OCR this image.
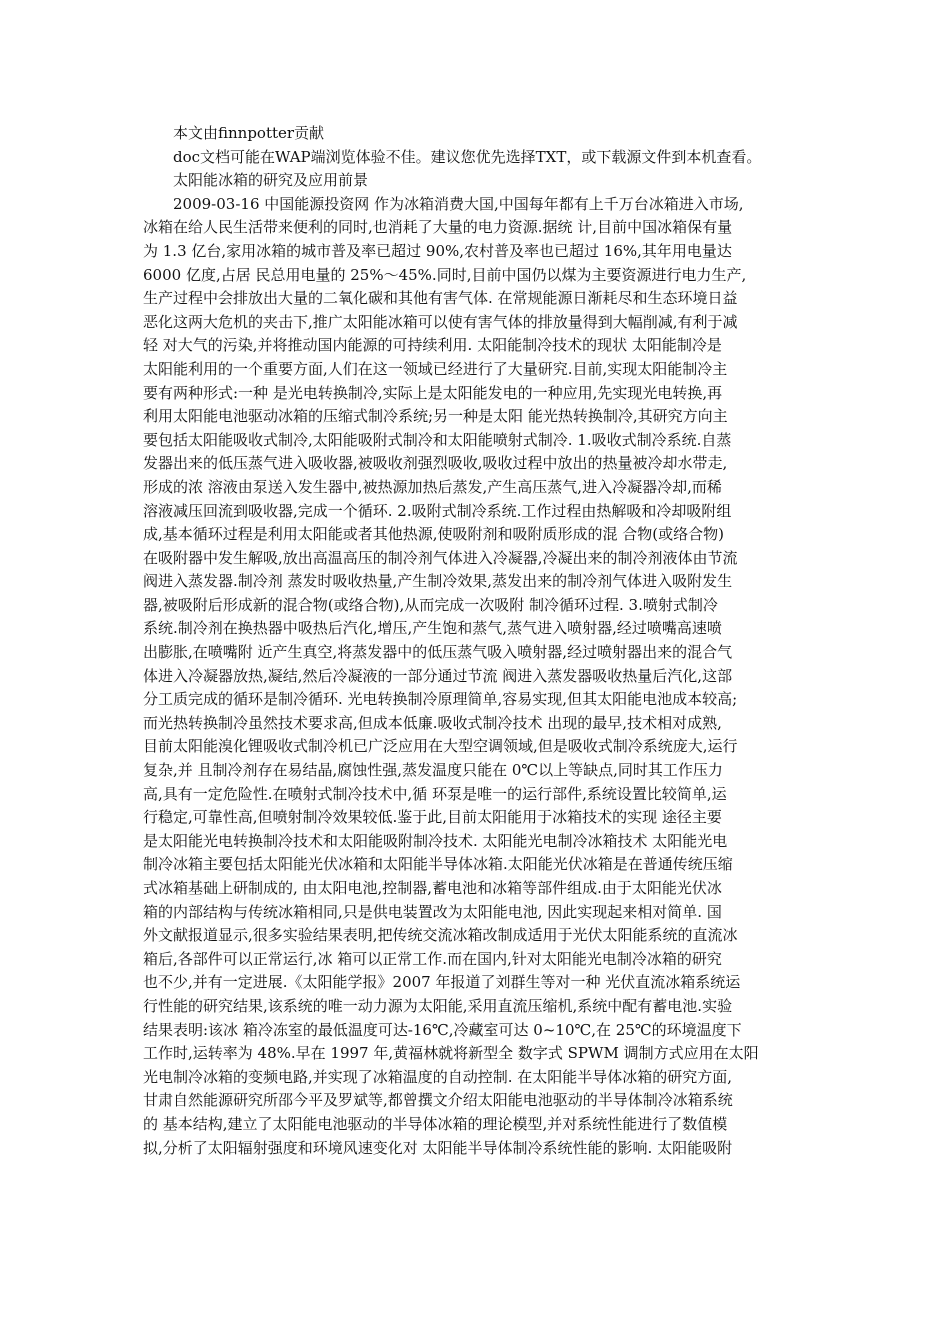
本文由finnpotter贡献
doc文档可能在WAP端浏览体验不佳。建议您优先选择TXT，或下载源文件到本机查看。
太阳能冰箱的研究及应用前景
2009-03-16 中国能源投资网 作为冰箱消费大国,中国每年都有上千万台冰箱进入市场,
冰箱在给人民生活带来便利的同时,也消耗了大量的电力资源.据统 计,目前中国冰箱保有量
为 1.3 亿台,家用冰箱的城市普及率已超过 90%,农村普及率也已超过 16%,其年用电量达
6000 亿度,占居 民总用电量的 25%～45%.同时,目前中国仍以煤为主要资源进行电力生产,
生产过程中会排放出大量的二氧化碳和其他有害气体. 在常规能源日渐耗尽和生态环境日益
恶化这两大危机的夹击下,推广太阳能冰箱可以使有害气体的排放量得到大幅削减,有利于减
轻 对大气的污染,并将推动国内能源的可持续利用. 太阳能制冷技术的现状 太阳能制冷是
太阳能利用的一个重要方面,人们在这一领域已经进行了大量研究.目前,实现太阳能制冷主
要有两种形式:一种 是光电转换制冷,实际上是太阳能发电的一种应用,先实现光电转换,再
利用太阳能电池驱动冰箱的压缩式制冷系统;另一种是太阳 能光热转换制冷,其研究方向主
要包括太阳能吸收式制冷,太阳能吸附式制冷和太阳能喷射式制冷. 1.吸收式制冷系统.自蒸
发器出来的低压蒸气进入吸收器,被吸收剂强烈吸收,吸收过程中放出的热量被冷却水带走,
形成的浓 溶液由泵送入发生器中,被热源加热后蒸发,产生高压蒸气,进入冷凝器冷却,而稀
溶液减压回流到吸收器,完成一个循环. 2.吸附式制冷系统.工作过程由热解吸和冷却吸附组
成,基本循环过程是利用太阳能或者其他热源,使吸附剂和吸附质形成的混 合物(或络合物)
在吸附器中发生解吸,放出高温高压的制冷剂气体进入冷凝器,冷凝出来的制冷剂液体由节流
阀进入蒸发器.制冷剂 蒸发时吸收热量,产生制冷效果,蒸发出来的制冷剂气体进入吸附发生
器,被吸附后形成新的混合物(或络合物),从而完成一次吸附 制冷循环过程. 3.喷射式制冷
系统.制冷剂在换热器中吸热后汽化,增压,产生饱和蒸气,蒸气进入喷射器,经过喷嘴高速喷
出膨胀,在喷嘴附 近产生真空,将蒸发器中的低压蒸气吸入喷射器,经过喷射器出来的混合气
体进入冷凝器放热,凝结,然后冷凝液的一部分通过节流 阀进入蒸发器吸收热量后汽化,这部
分工质完成的循环是制冷循环. 光电转换制冷原理简单,容易实现,但其太阳能电池成本较高;
而光热转换制冷虽然技术要求高,但成本低廉.吸收式制冷技术 出现的最早,技术相对成熟,
目前太阳能溴化锂吸收式制冷机已广泛应用在大型空调领域,但是吸收式制冷系统庞大,运行
复杂,并 且制冷剂存在易结晶,腐蚀性强,蒸发温度只能在 0℃以上等缺点,同时其工作压力
高,具有一定危险性.在喷射式制冷技术中,循 环泵是唯一的运行部件,系统设置比较简单,运
行稳定,可靠性高,但喷射制冷效果较低.鉴于此,目前太阳能用于冰箱技术的实现 途径主要
是太阳能光电转换制冷技术和太阳能吸附制冷技术. 太阳能光电制冷冰箱技术 太阳能光电
制冷冰箱主要包括太阳能光伏冰箱和太阳能半导体冰箱.太阳能光伏冰箱是在普通传统压缩
式冰箱基础上研制成的, 由太阳电池,控制器,蓄电池和冰箱等部件组成.由于太阳能光伏冰
箱的内部结构与传统冰箱相同,只是供电装置改为太阳能电池, 因此实现起来相对简单. 国
外文献报道显示,很多实验结果表明,把传统交流冰箱改制成适用于光伏太阳能系统的直流冰
箱后,各部件可以正常运行,冰 箱可以正常工作.而在国内,针对太阳能光电制冷冰箱的研究
也不少,并有一定进展.《太阳能学报》2007 年报道了刘群生等对一种 光伏直流冰箱系统运
行性能的研究结果,该系统的唯一动力源为太阳能,采用直流压缩机,系统中配有蓄电池.实验
结果表明:该冰 箱冷冻室的最低温度可达-16℃,冷藏室可达 0~10℃,在 25℃的环境温度下
工作时,运转率为 48%.早在 1997 年,黄福林就将新型全 数字式 SPWM 调制方式应用在太阳
光电制冷冰箱的变频电路,并实现了冰箱温度的自动控制. 在太阳能半导体冰箱的研究方面,
甘肃自然能源研究所邵今平及罗斌等,都曾撰文介绍太阳能电池驱动的半导体制冷冰箱系统
的 基本结构,建立了太阳能电池驱动的半导体冰箱的理论模型,并对系统性能进行了数值模
拟,分析了太阳辐射强度和环境风速变化对 太阳能半导体制冷系统性能的影响. 太阳能吸附
